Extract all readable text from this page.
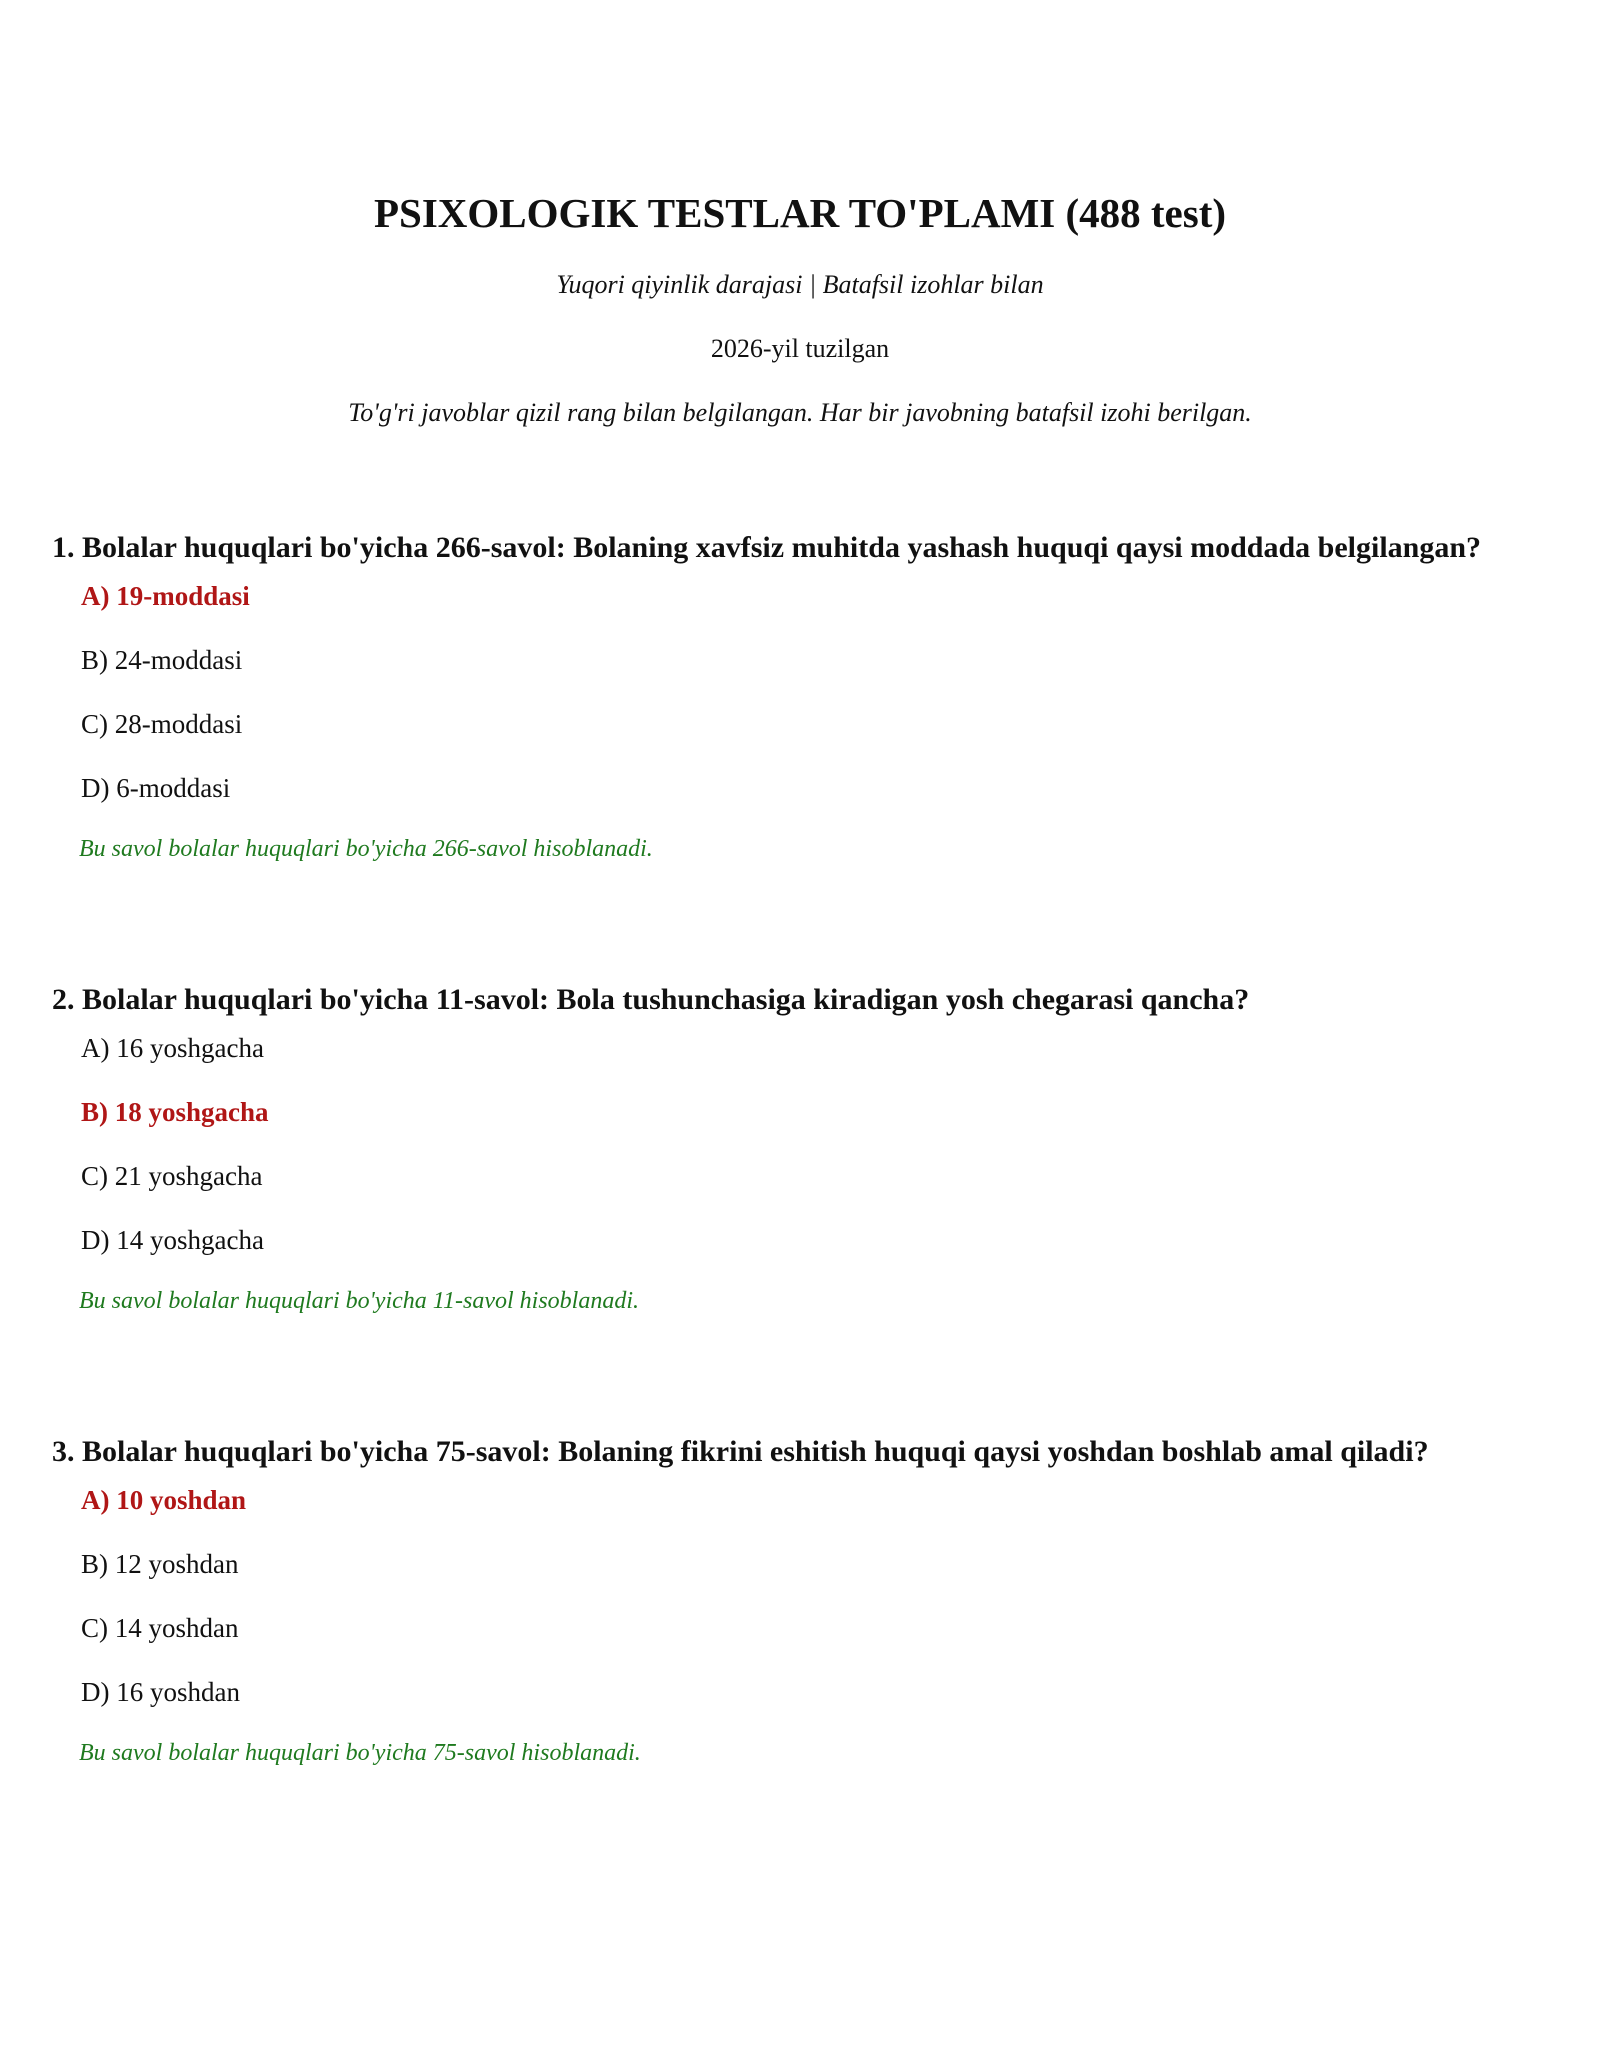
PSIXOLOGIK TESTLAR TO'PLAMI (488 test)
Yuqori qiyinlik darajasi | Batafsil izohlar bilan
2026-yil tuzilgan
To'g'ri javoblar qizil rang bilan belgilangan. Har bir javobning batafsil izohi berilgan.

1. Bolalar huquqlari bo'yicha 266-savol: Bolaning xavfsiz muhitda yashash huquqi qaysi moddada belgilangan?

A) 19-moddasi
B) 24-moddasi
C) 28-moddasi
D) 6-moddasi
Bu savol bolalar huquqlari bo'yicha 266-savol hisoblanadi.

2. Bolalar huquqlari bo'yicha 11-savol: Bola tushunchasiga kiradigan yosh chegarasi qancha?

A) 16 yoshgacha
B) 18 yoshgacha
C) 21 yoshgacha
D) 14 yoshgacha
Bu savol bolalar huquqlari bo'yicha 11-savol hisoblanadi.

3. Bolalar huquqlari bo'yicha 75-savol: Bolaning fikrini eshitish huquqi qaysi yoshdan boshlab amal qiladi?

A) 10 yoshdan
B) 12 yoshdan
C) 14 yoshdan
D) 16 yoshdan
Bu savol bolalar huquqlari bo'yicha 75-savol hisoblanadi.
